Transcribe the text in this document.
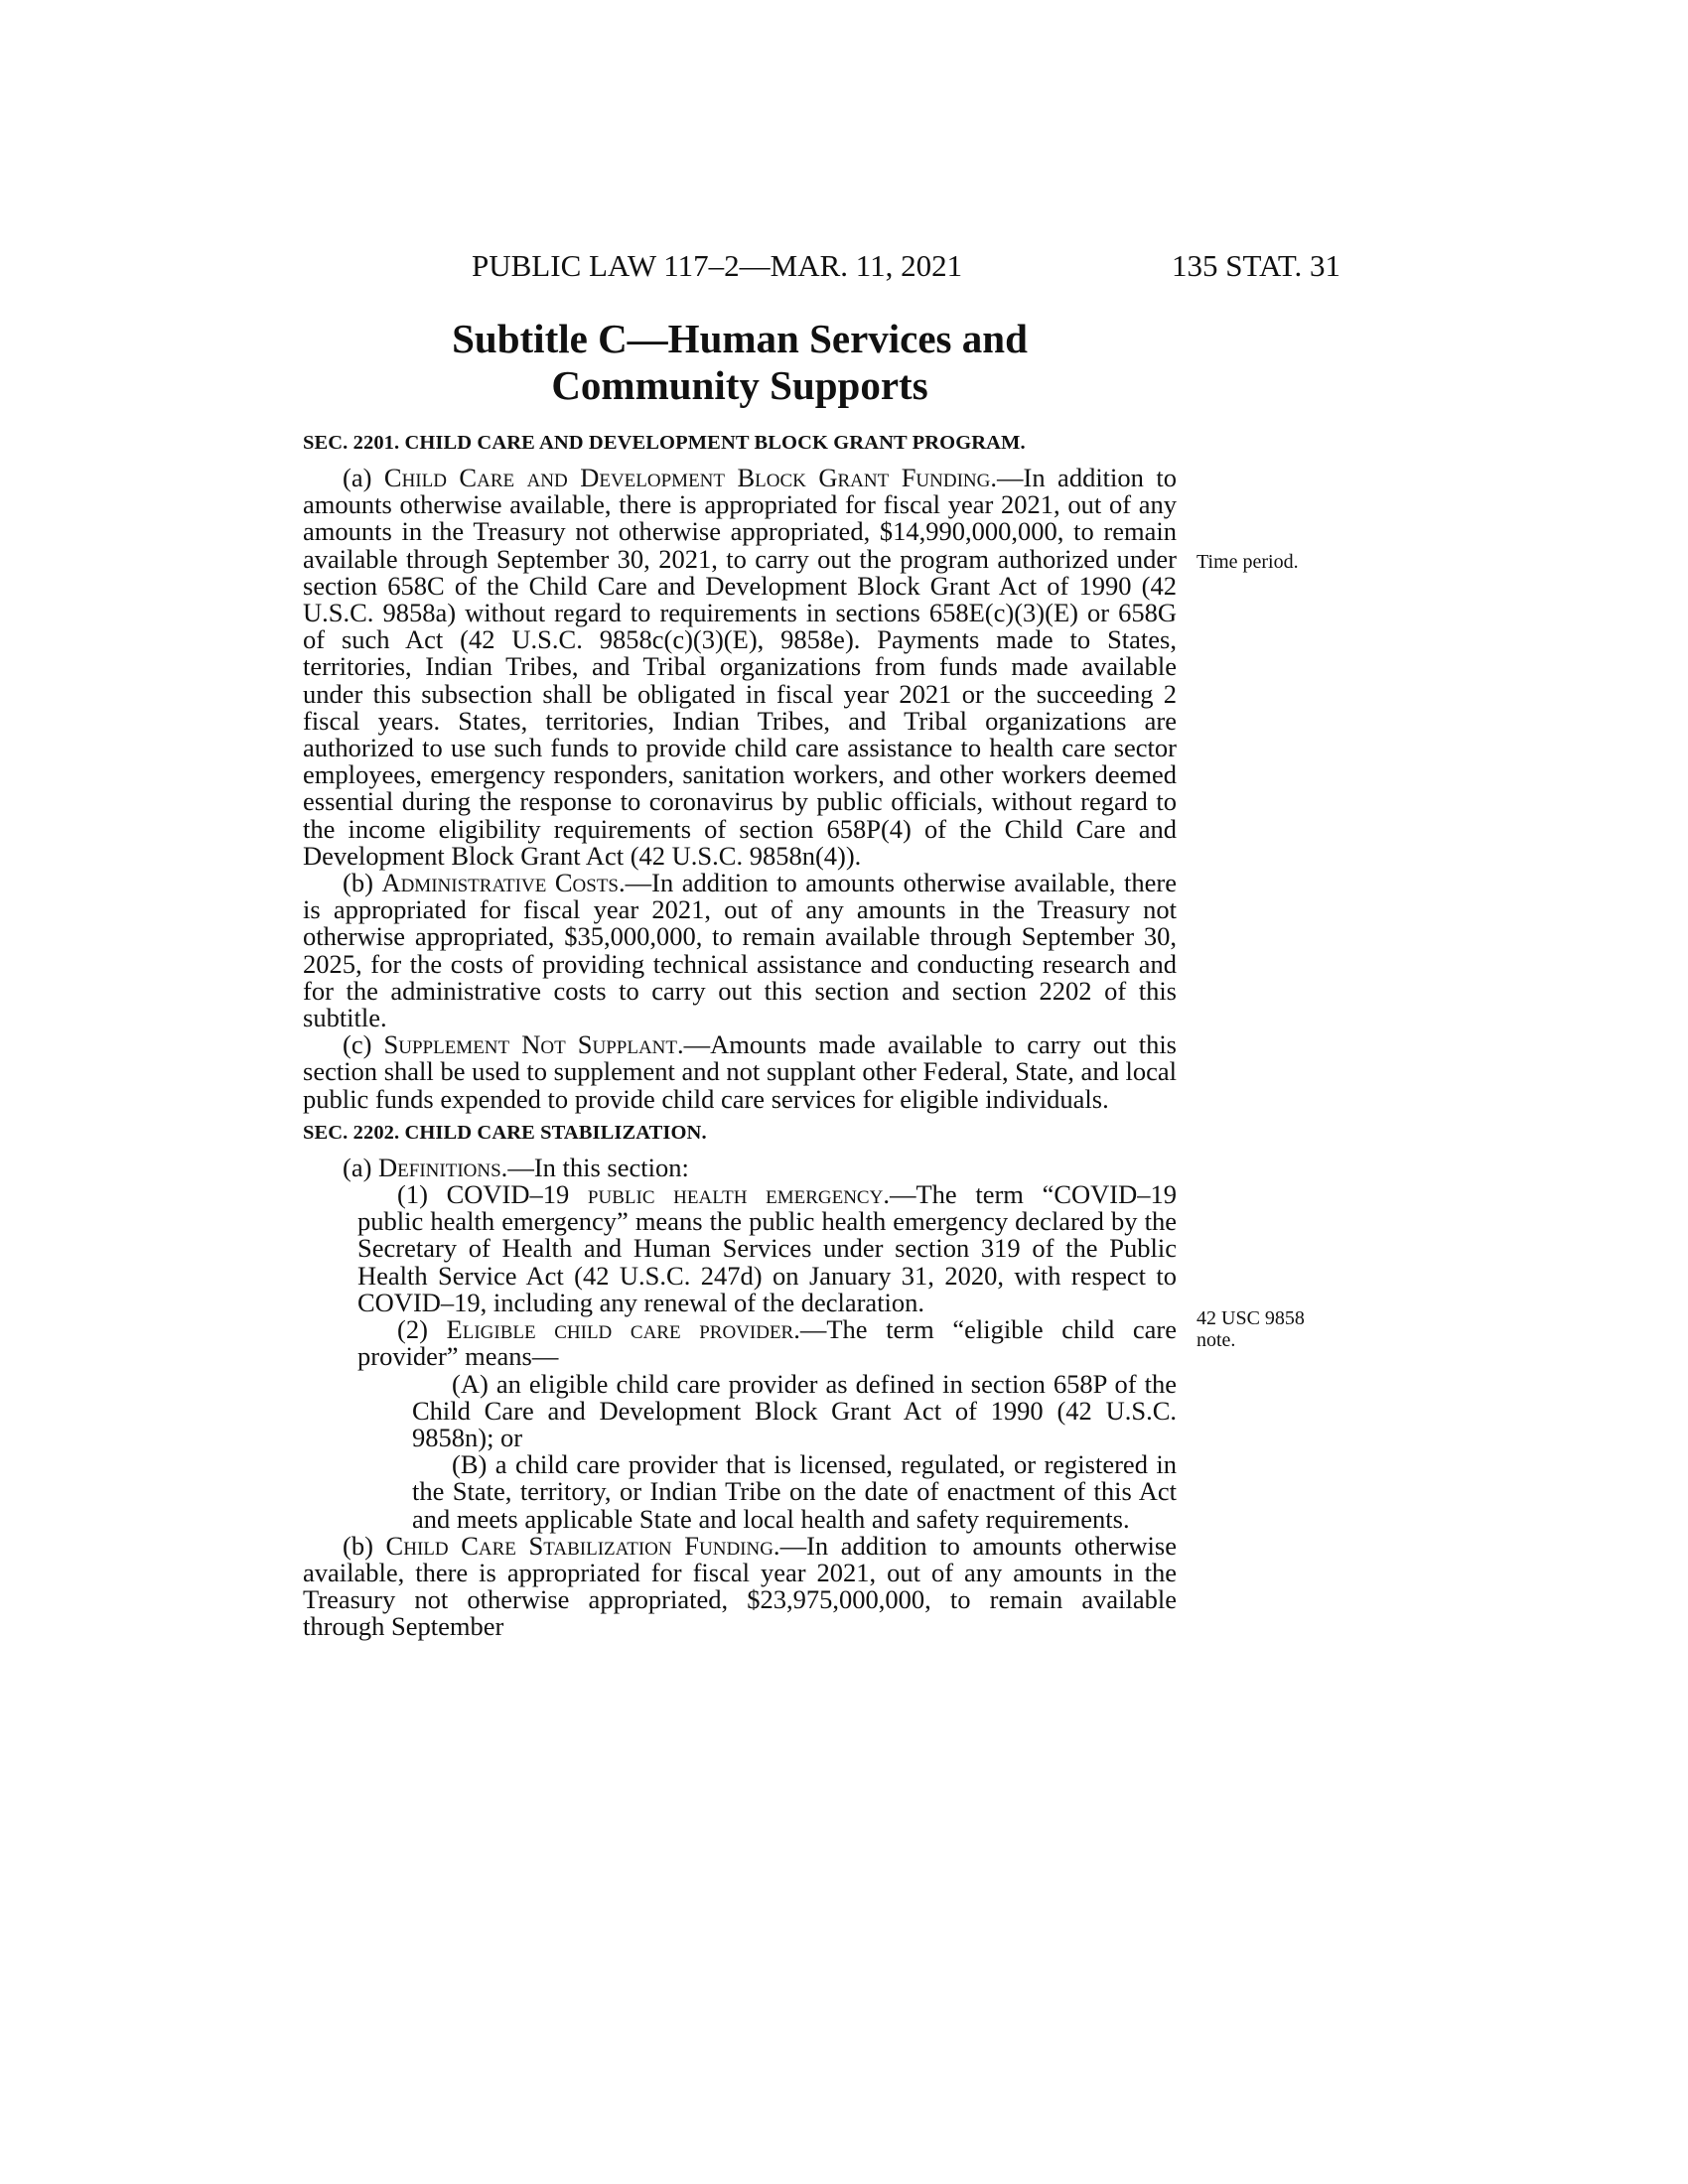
PUBLIC LAW 117–2—MAR. 11, 2021	135 STAT. 31
Subtitle C—Human Services and
Community Supports
Time period.
42 USC 9858
note.
SEC. 2201. CHILD CARE AND DEVELOPMENT BLOCK GRANT PROGRAM.

(a) Child Care and Development Block Grant Funding.—In addition to amounts otherwise available, there is appropriated for fiscal year 2021, out of any amounts in the Treasury not otherwise appropriated, $14,990,000,000, to remain available through September 30, 2021, to carry out the program authorized under section 658C of the Child Care and Development Block Grant Act of 1990 (42 U.S.C. 9858a) without regard to requirements in sections 658E(c)(3)(E) or 658G of such Act (42 U.S.C. 9858c(c)(3)(E), 9858e). Payments made to States, territories, Indian Tribes, and Tribal organizations from funds made available under this subsection shall be obligated in fiscal year 2021 or the succeeding 2 fiscal years. States, territories, Indian Tribes, and Tribal organizations are authorized to use such funds to provide child care assistance to health care sector employees, emergency responders, sanitation workers, and other workers deemed essential during the response to coronavirus by public officials, without regard to the income eligibility requirements of section 658P(4) of the Child Care and Development Block Grant Act (42 U.S.C. 9858n(4)).

(b) Administrative Costs.—In addition to amounts otherwise available, there is appropriated for fiscal year 2021, out of any amounts in the Treasury not otherwise appropriated, $35,000,000, to remain available through September 30, 2025, for the costs of providing technical assistance and conducting research and for the administrative costs to carry out this section and section 2202 of this subtitle.

(c) Supplement Not Supplant.—Amounts made available to carry out this section shall be used to supplement and not supplant other Federal, State, and local public funds expended to provide child care services for eligible individuals.

SEC. 2202. CHILD CARE STABILIZATION.

(a) Definitions.—In this section:

(1) COVID–19 public health emergency.—The term “COVID–19 public health emergency” means the public health emergency declared by the Secretary of Health and Human Services under section 319 of the Public Health Service Act (42 U.S.C. 247d) on January 31, 2020, with respect to COVID–19, including any renewal of the declaration.

(2) Eligible child care provider.—The term “eligible child care provider” means—

(A) an eligible child care provider as defined in section 658P of the Child Care and Development Block Grant Act of 1990 (42 U.S.C. 9858n); or

(B) a child care provider that is licensed, regulated, or registered in the State, territory, or Indian Tribe on the date of enactment of this Act and meets applicable State and local health and safety requirements.

(b) Child Care Stabilization Funding.—In addition to amounts otherwise available, there is appropriated for fiscal year 2021, out of any amounts in the Treasury not otherwise appropriated, $23,975,000,000, to remain available through September
